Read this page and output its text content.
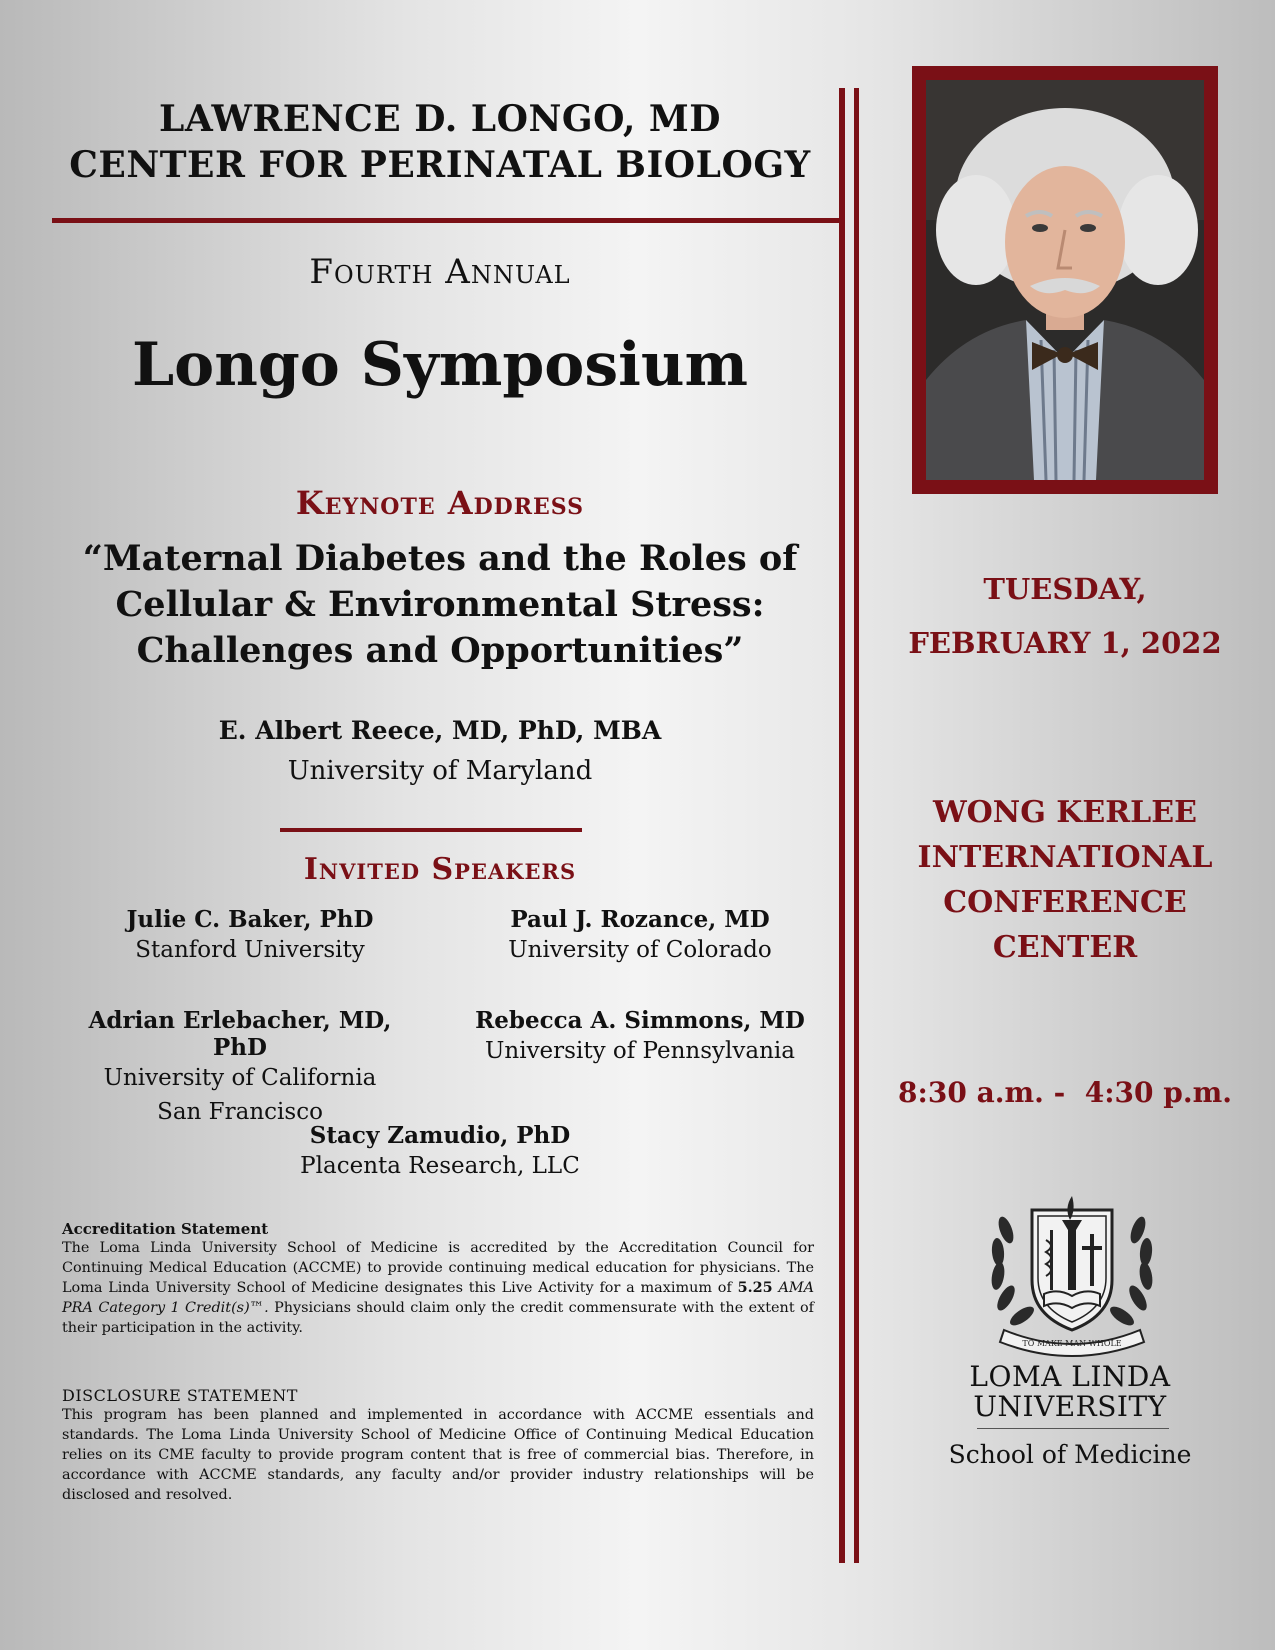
LAWRENCE D. LONGO, MD
CENTER FOR PERINATAL BIOLOGY
Fourth Annual
Longo Symposium
Keynote Address
“Maternal Diabetes and the Roles of
Cellular & Environmental Stress:
Challenges and Opportunities”
E. Albert Reece, MD, PhD, MBA
University of Maryland
Invited Speakers
Julie C. Baker, PhD
Stanford University
Paul J. Rozance, MD
University of Colorado
Adrian Erlebacher, MD, PhD
University of California
San Francisco
Rebecca A. Simmons, MD
University of Pennsylvania
Stacy Zamudio, PhD
Placenta Research, LLC
Accreditation Statement
The Loma Linda University School of Medicine is accredited by the Accreditation Council for Continuing Medical Education (ACCME) to provide continuing medical education for physicians. The Loma Linda University School of Medicine designates this Live Activity for a maximum of 5.25 AMA PRA Category 1 Credit(s)™. Physicians should claim only the credit commensurate with the extent of their participation in the activity.
DISCLOSURE STATEMENT
This program has been planned and implemented in accordance with ACCME essentials and standards. The Loma Linda University School of Medicine Office of Continuing Medical Education relies on its CME faculty to provide program content that is free of commercial bias. Therefore, in accordance with ACCME standards, any faculty and/or provider industry relationships will be disclosed and resolved.
TUESDAY,
FEBRUARY 1, 2022
WONG KERLEE
INTERNATIONAL
CONFERENCE
CENTER
8:30 a.m. -  4:30 p.m.
TO MAKE MAN WHOLE
LOMA LINDA
UNIVERSITY
School of Medicine
